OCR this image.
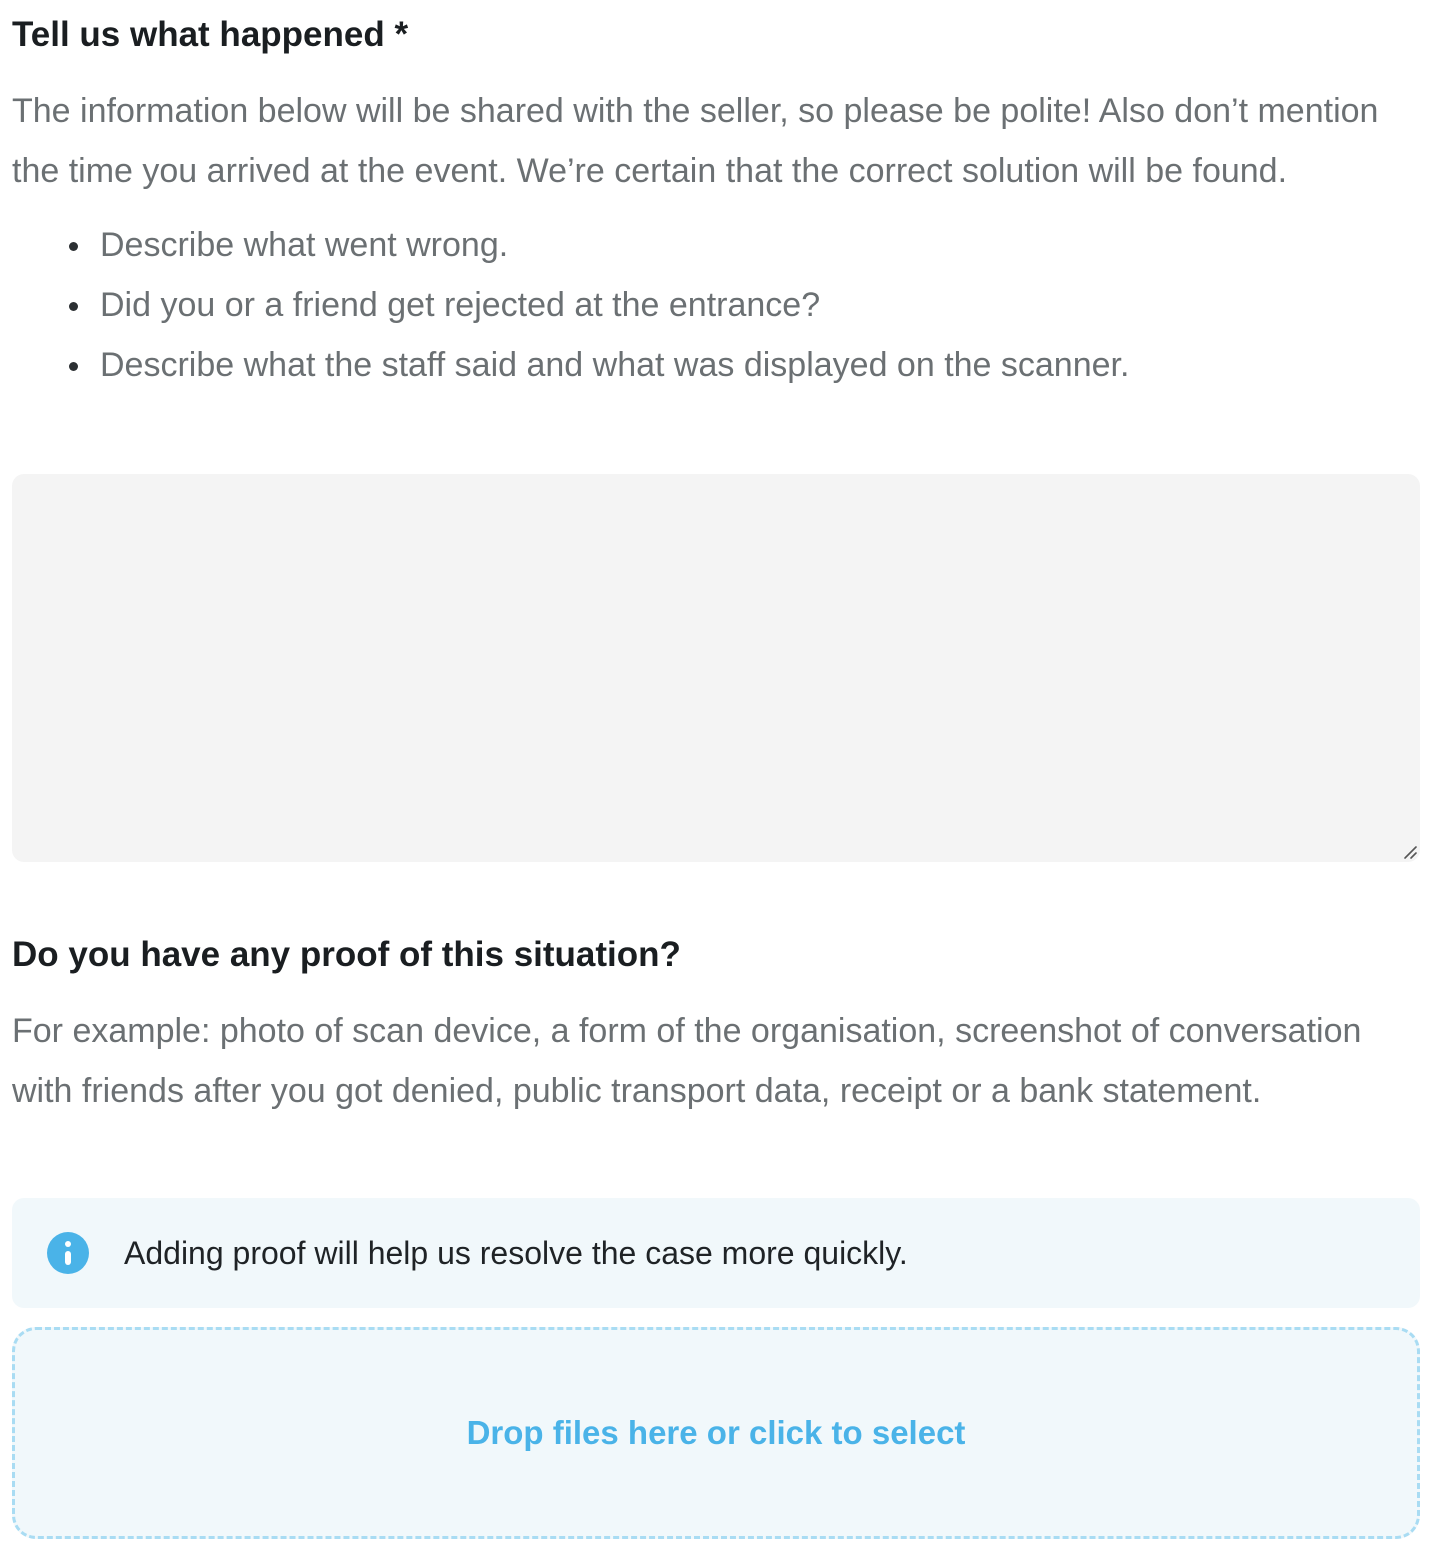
Tell us what happened *

The information below will be shared with the seller, so please be polite! Also don’t mention the time you arrived at the event. We’re certain that the correct solution will be found.

Describe what went wrong.
Did you or a friend get rejected at the entrance?
Describe what the staff said and what was displayed on the scanner.
Do you have any proof of this situation?

For example: photo of scan device, a form of the organisation, screenshot of conversation with friends after you got denied, public transport data, receipt or a bank statement.

Adding proof will help us resolve the case more quickly.
Drop files here or click to select
